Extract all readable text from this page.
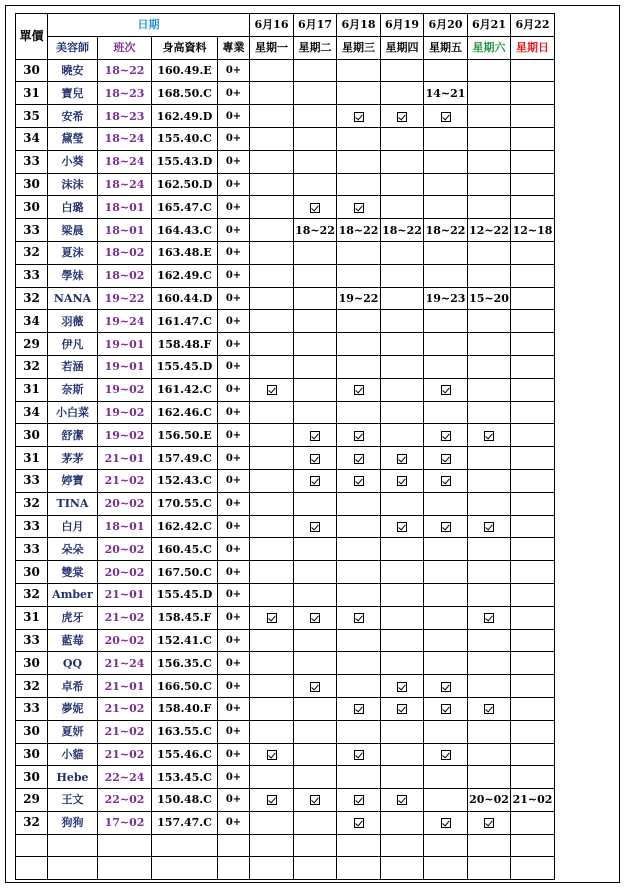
單價	日期				6月16	6月17	6月18	6月19	6月20	6月21	6月22
	美容師	班次	身高資料	專業	星期一	星期二	星期三	星期四	星期五	星期六	星期日
30	曉安	18~22	160.49.E	0+							
31	寶兒	18~23	168.50.C	0+					14~21		
35	安希	18~23	162.49.D	0+							
34	黛瑩	18~24	155.40.C	0+							
33	小葵	18~24	155.43.D	0+							
30	沫沫	18~24	162.50.D	0+							
30	白璐	18~01	165.47.C	0+							
33	梁晨	18~01	164.43.C	0+		18~22	18~22	18~22	18~22	12~22	12~18
32	夏沫	18~02	163.48.E	0+							
33	學妹	18~02	162.49.C	0+							
32	NANA	19~22	160.44.D	0+			19~22		19~23	15~20	
34	羽薇	19~24	161.47.C	0+							
29	伊凡	19~01	158.48.F	0+							
32	若涵	19~01	155.45.D	0+							
31	奈斯	19~02	161.42.C	0+							
34	小白菜	19~02	162.46.C	0+							
30	舒潔	19~02	156.50.E	0+							
31	茅茅	21~01	157.49.C	0+							
33	婷寶	21~02	152.43.C	0+							
32	TINA	20~02	170.55.C	0+							
33	白月	18~01	162.42.C	0+							
33	朵朵	20~02	160.45.C	0+							
30	雙棠	20~02	167.50.C	0+							
32	Amber	21~01	155.45.D	0+							
31	虎牙	21~02	158.45.F	0+							
33	藍莓	20~02	152.41.C	0+							
30	QQ	21~24	156.35.C	0+							
32	卓希	21~01	166.50.C	0+							
33	夢妮	21~02	158.40.F	0+							
30	夏妍	21~02	163.55.C	0+							
30	小貓	21~02	155.46.C	0+							
30	Hebe	22~24	153.45.C	0+							
29	王文	22~02	150.48.C	0+						20~02	21~02
32	狗狗	17~02	157.47.C	0+							
